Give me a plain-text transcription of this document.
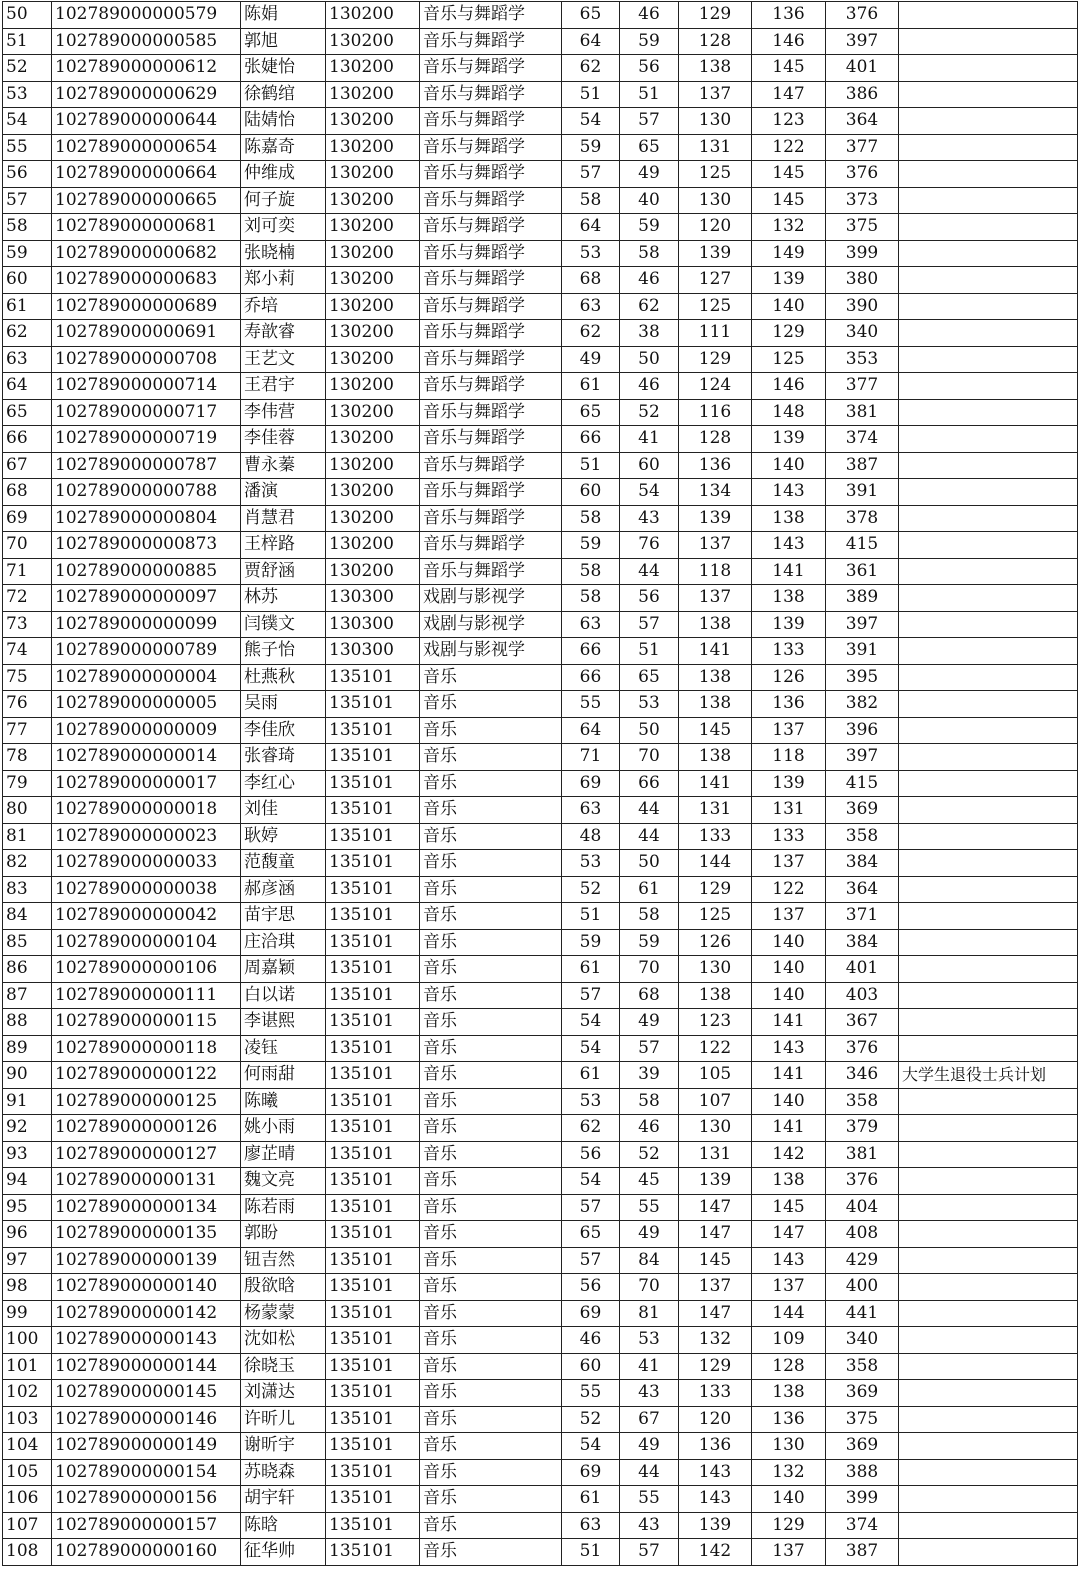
50	102789000000579	陈娟	130200	音乐与舞蹈学	65	46	129	136	376	
51	102789000000585	郭旭	130200	音乐与舞蹈学	64	59	128	146	397	
52	102789000000612	张婕怡	130200	音乐与舞蹈学	62	56	138	145	401	
53	102789000000629	徐鹤绾	130200	音乐与舞蹈学	51	51	137	147	386	
54	102789000000644	陆婧怡	130200	音乐与舞蹈学	54	57	130	123	364	
55	102789000000654	陈嘉奇	130200	音乐与舞蹈学	59	65	131	122	377	
56	102789000000664	仲维成	130200	音乐与舞蹈学	57	49	125	145	376	
57	102789000000665	何子旋	130200	音乐与舞蹈学	58	40	130	145	373	
58	102789000000681	刘可奕	130200	音乐与舞蹈学	64	59	120	132	375	
59	102789000000682	张晓楠	130200	音乐与舞蹈学	53	58	139	149	399	
60	102789000000683	郑小莉	130200	音乐与舞蹈学	68	46	127	139	380	
61	102789000000689	乔培	130200	音乐与舞蹈学	63	62	125	140	390	
62	102789000000691	寿歆睿	130200	音乐与舞蹈学	62	38	111	129	340	
63	102789000000708	王艺文	130200	音乐与舞蹈学	49	50	129	125	353	
64	102789000000714	王君宇	130200	音乐与舞蹈学	61	46	124	146	377	
65	102789000000717	李伟营	130200	音乐与舞蹈学	65	52	116	148	381	
66	102789000000719	李佳蓉	130200	音乐与舞蹈学	66	41	128	139	374	
67	102789000000787	曹永蓁	130200	音乐与舞蹈学	51	60	136	140	387	
68	102789000000788	潘演	130200	音乐与舞蹈学	60	54	134	143	391	
69	102789000000804	肖慧君	130200	音乐与舞蹈学	58	43	139	138	378	
70	102789000000873	王梓路	130200	音乐与舞蹈学	59	76	137	143	415	
71	102789000000885	贾舒涵	130200	音乐与舞蹈学	58	44	118	141	361	
72	102789000000097	林苏	130300	戏剧与影视学	58	56	137	138	389	
73	102789000000099	闫镤文	130300	戏剧与影视学	63	57	138	139	397	
74	102789000000789	熊子怡	130300	戏剧与影视学	66	51	141	133	391	
75	102789000000004	杜燕秋	135101	音乐	66	65	138	126	395	
76	102789000000005	吴雨	135101	音乐	55	53	138	136	382	
77	102789000000009	李佳欣	135101	音乐	64	50	145	137	396	
78	102789000000014	张睿琦	135101	音乐	71	70	138	118	397	
79	102789000000017	李红心	135101	音乐	69	66	141	139	415	
80	102789000000018	刘佳	135101	音乐	63	44	131	131	369	
81	102789000000023	耿婷	135101	音乐	48	44	133	133	358	
82	102789000000033	范馥童	135101	音乐	53	50	144	137	384	
83	102789000000038	郝彦涵	135101	音乐	52	61	129	122	364	
84	102789000000042	苗宇思	135101	音乐	51	58	125	137	371	
85	102789000000104	庄洽琪	135101	音乐	59	59	126	140	384	
86	102789000000106	周嘉颖	135101	音乐	61	70	130	140	401	
87	102789000000111	白以诺	135101	音乐	57	68	138	140	403	
88	102789000000115	李谌熙	135101	音乐	54	49	123	141	367	
89	102789000000118	凌钰	135101	音乐	54	57	122	143	376	
90	102789000000122	何雨甜	135101	音乐	61	39	105	141	346	大学生退役士兵计划
91	102789000000125	陈曦	135101	音乐	53	58	107	140	358	
92	102789000000126	姚小雨	135101	音乐	62	46	130	141	379	
93	102789000000127	廖芷晴	135101	音乐	56	52	131	142	381	
94	102789000000131	魏文亮	135101	音乐	54	45	139	138	376	
95	102789000000134	陈若雨	135101	音乐	57	55	147	145	404	
96	102789000000135	郭盼	135101	音乐	65	49	147	147	408	
97	102789000000139	钮吉然	135101	音乐	57	84	145	143	429	
98	102789000000140	殷欲晗	135101	音乐	56	70	137	137	400	
99	102789000000142	杨蒙蒙	135101	音乐	69	81	147	144	441	
100	102789000000143	沈如松	135101	音乐	46	53	132	109	340	
101	102789000000144	徐晓玉	135101	音乐	60	41	129	128	358	
102	102789000000145	刘潇达	135101	音乐	55	43	133	138	369	
103	102789000000146	许昕儿	135101	音乐	52	67	120	136	375	
104	102789000000149	谢昕宇	135101	音乐	54	49	136	130	369	
105	102789000000154	苏晓森	135101	音乐	69	44	143	132	388	
106	102789000000156	胡宇轩	135101	音乐	61	55	143	140	399	
107	102789000000157	陈晗	135101	音乐	63	43	139	129	374	
108	102789000000160	征华帅	135101	音乐	51	57	142	137	387	
